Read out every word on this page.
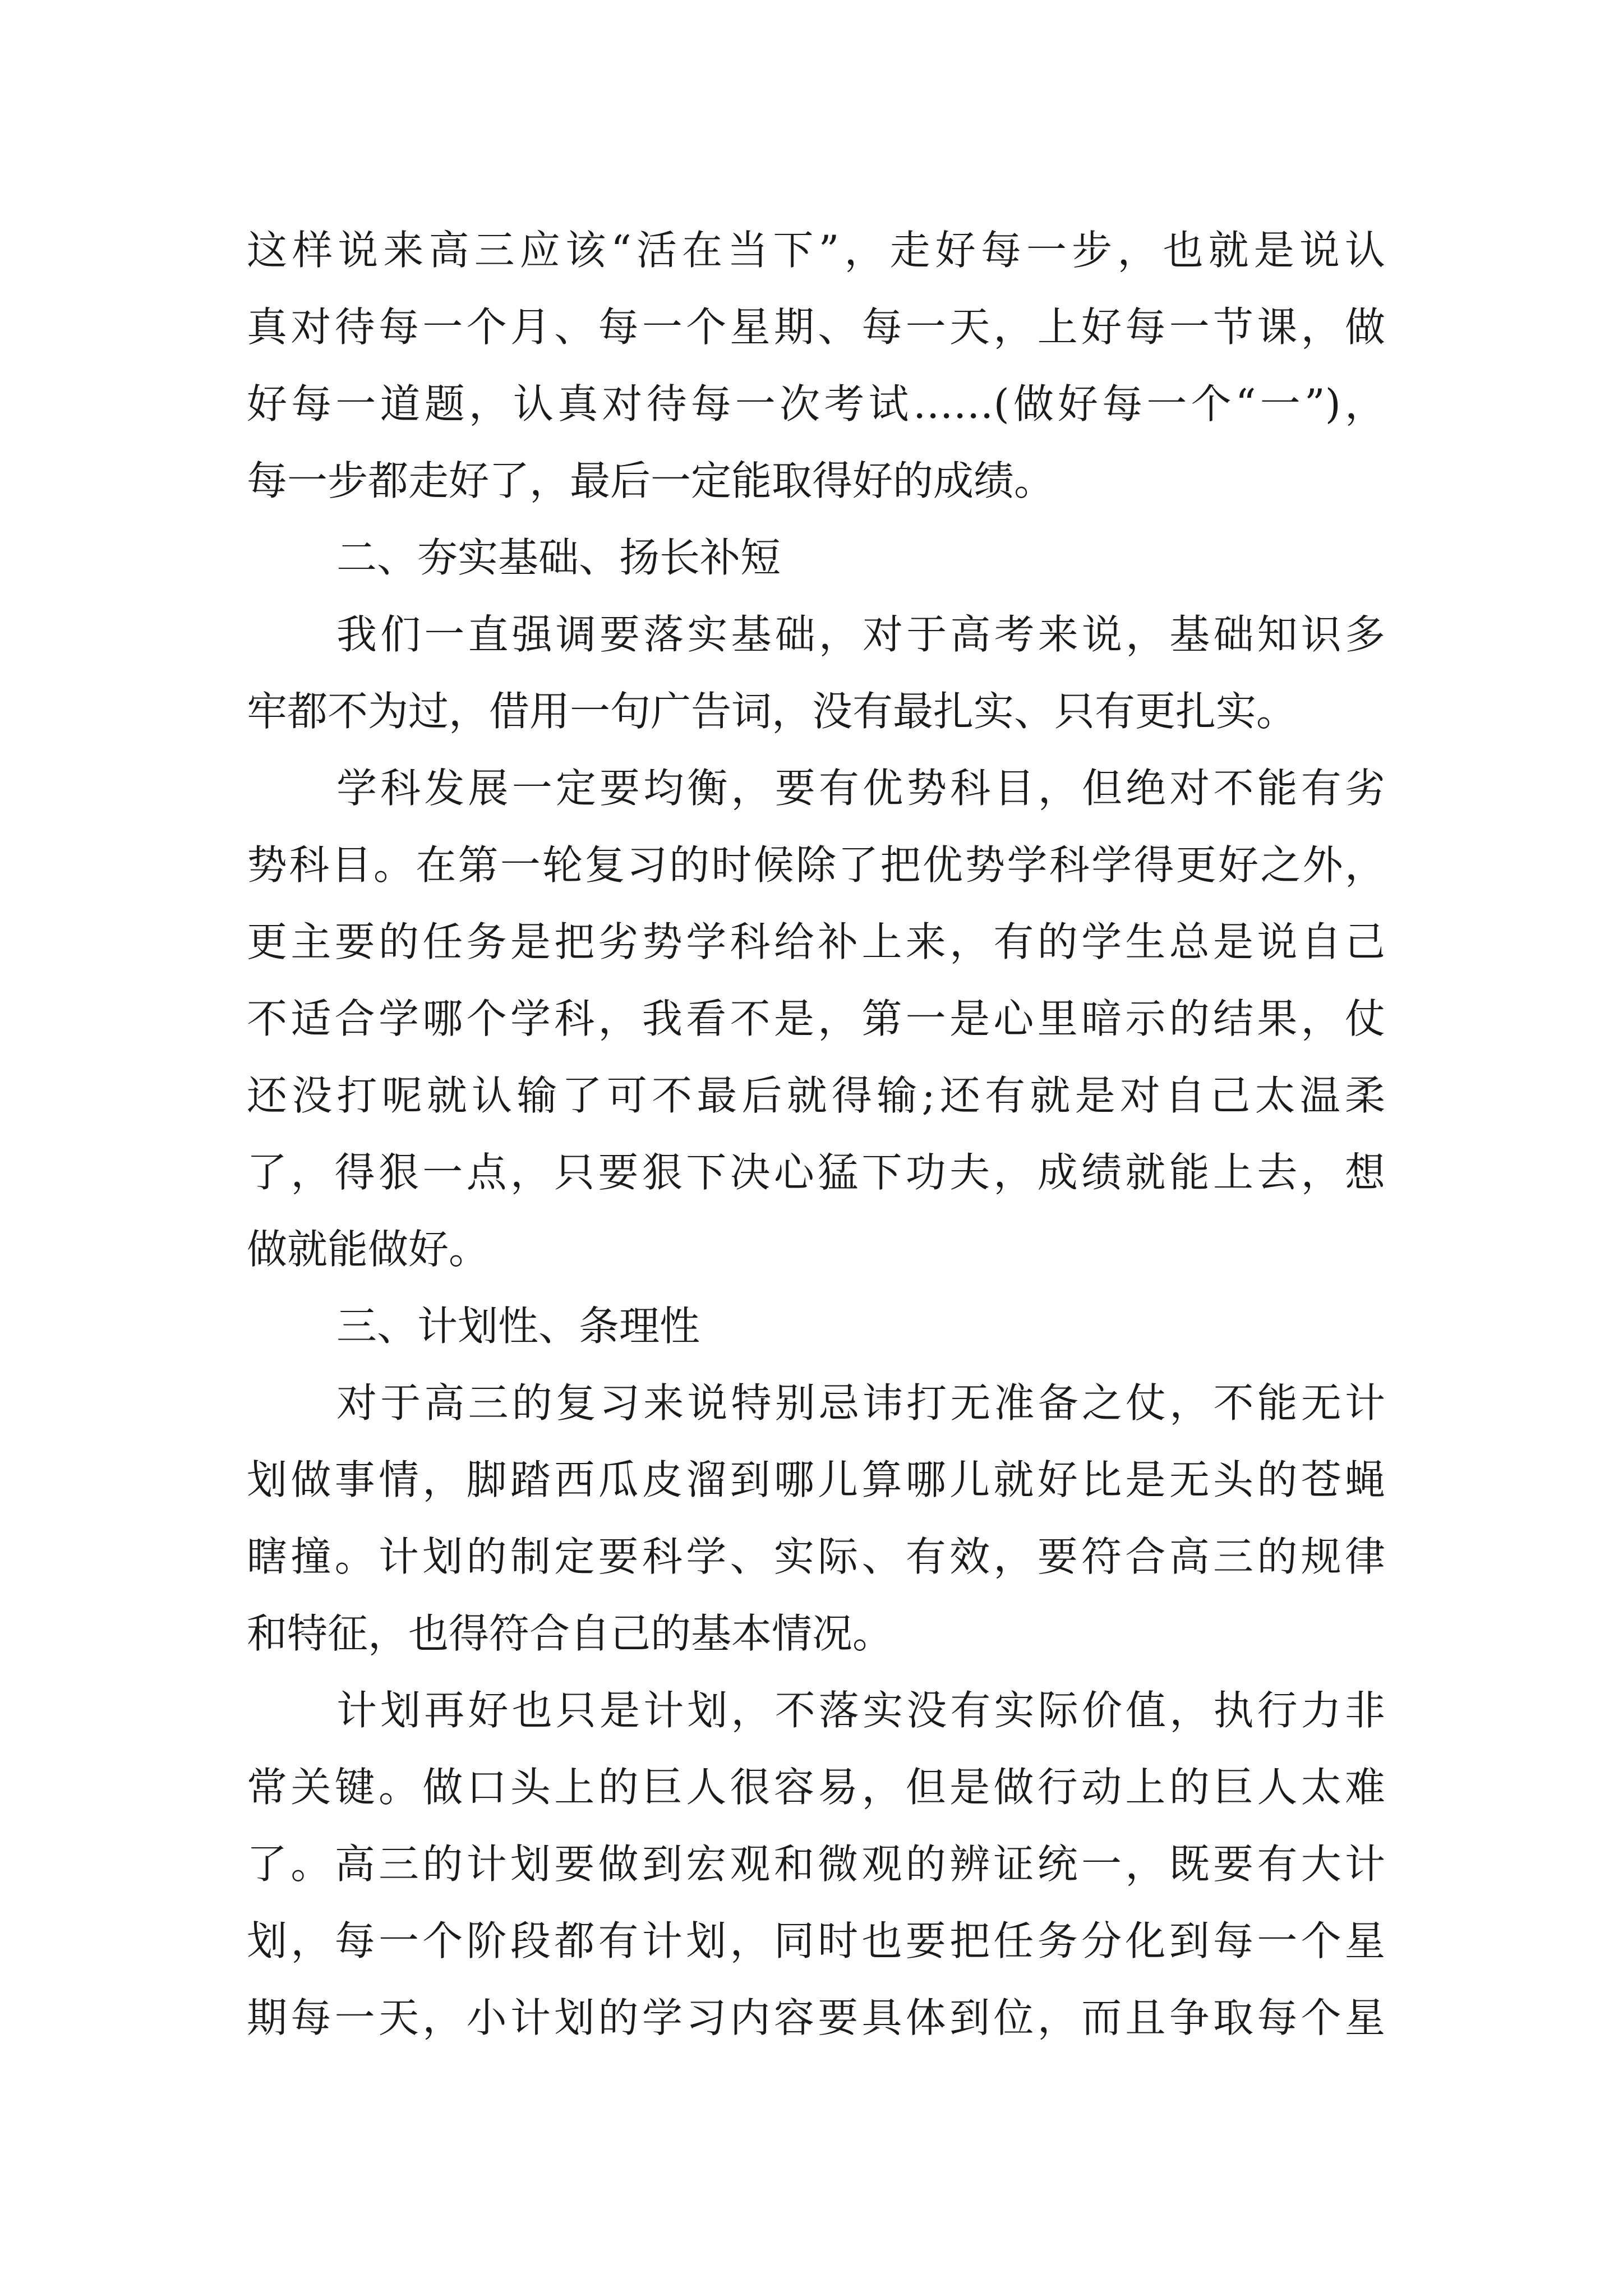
这样说来高三应该“活在当下”，走好每一步，也就是说认
真对待每一个月、每一个星期、每一天，上好每一节课，做
好每一道题，认真对待每一次考试……(做好每一个“一”)，
每一步都走好了，最后一定能取得好的成绩。
二、夯实基础、扬长补短
我们一直强调要落实基础，对于高考来说，基础知识多
牢都不为过，借用一句广告词，没有最扎实、只有更扎实。
学科发展一定要均衡，要有优势科目，但绝对不能有劣
势科目。在第一轮复习的时候除了把优势学科学得更好之外，
更主要的任务是把劣势学科给补上来，有的学生总是说自己
不适合学哪个学科，我看不是，第一是心里暗示的结果，仗
还没打呢就认输了可不最后就得输;还有就是对自己太温柔
了，得狠一点，只要狠下决心猛下功夫，成绩就能上去，想
做就能做好。
三、计划性、条理性
对于高三的复习来说特别忌讳打无准备之仗，不能无计
划做事情，脚踏西瓜皮溜到哪儿算哪儿就好比是无头的苍蝇
瞎撞。计划的制定要科学、实际、有效，要符合高三的规律
和特征，也得符合自己的基本情况。
计划再好也只是计划，不落实没有实际价值，执行力非
常关键。做口头上的巨人很容易，但是做行动上的巨人太难
了。高三的计划要做到宏观和微观的辨证统一，既要有大计
划，每一个阶段都有计划，同时也要把任务分化到每一个星
期每一天，小计划的学习内容要具体到位，而且争取每个星
